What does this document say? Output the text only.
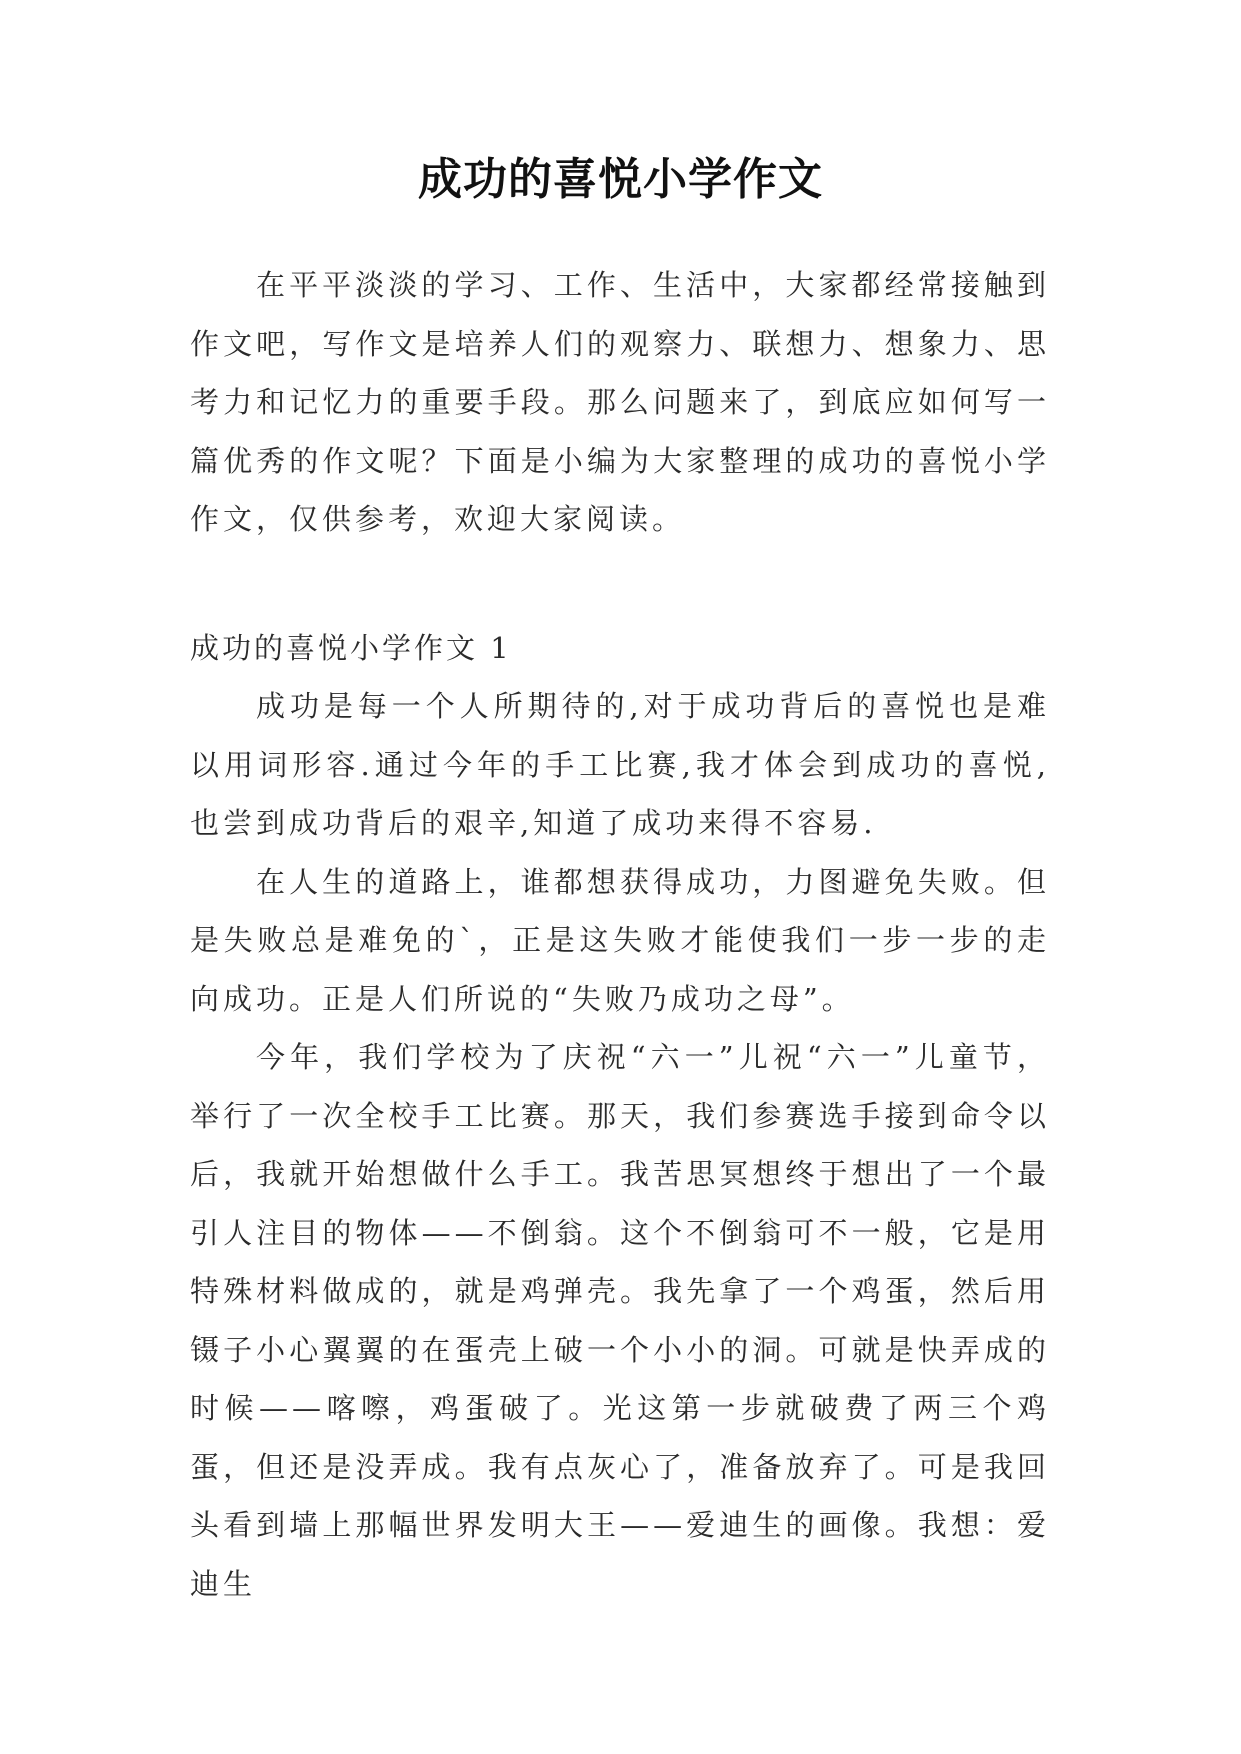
成功的喜悦小学作文

在平平淡淡的学习、工作、生活中，大家都经常接触到作文吧，写作文是培养人们的观察力、联想力、想象力、思考力和记忆力的重要手段。那么问题来了，到底应如何写一篇优秀的作文呢？下面是小编为大家整理的成功的喜悦小学作文，仅供参考，欢迎大家阅读。

成功的喜悦小学作文 1

成功是每一个人所期待的,对于成功背后的喜悦也是难以用词形容.通过今年的手工比赛,我才体会到成功的喜悦,也尝到成功背后的艰辛,知道了成功来得不容易.

在人生的道路上，谁都想获得成功，力图避免失败。但是失败总是难免的`，正是这失败才能使我们一步一步的走向成功。正是人们所说的“失败乃成功之母”。

今年，我们学校为了庆祝“六一”儿祝“六一”儿童节，举行了一次全校手工比赛。那天，我们参赛选手接到命令以后，我就开始想做什么手工。我苦思冥想终于想出了一个最引人注目的物体——不倒翁。这个不倒翁可不一般，它是用特殊材料做成的，就是鸡弹壳。我先拿了一个鸡蛋，然后用镊子小心翼翼的在蛋壳上破一个小小的洞。可就是快弄成的时候——喀嚓，鸡蛋破了。光这第一步就破费了两三个鸡蛋，但还是没弄成。我有点灰心了，准备放弃了。可是我回头看到墙上那幅世界发明大王——爱迪生的画像。我想：爱迪生
